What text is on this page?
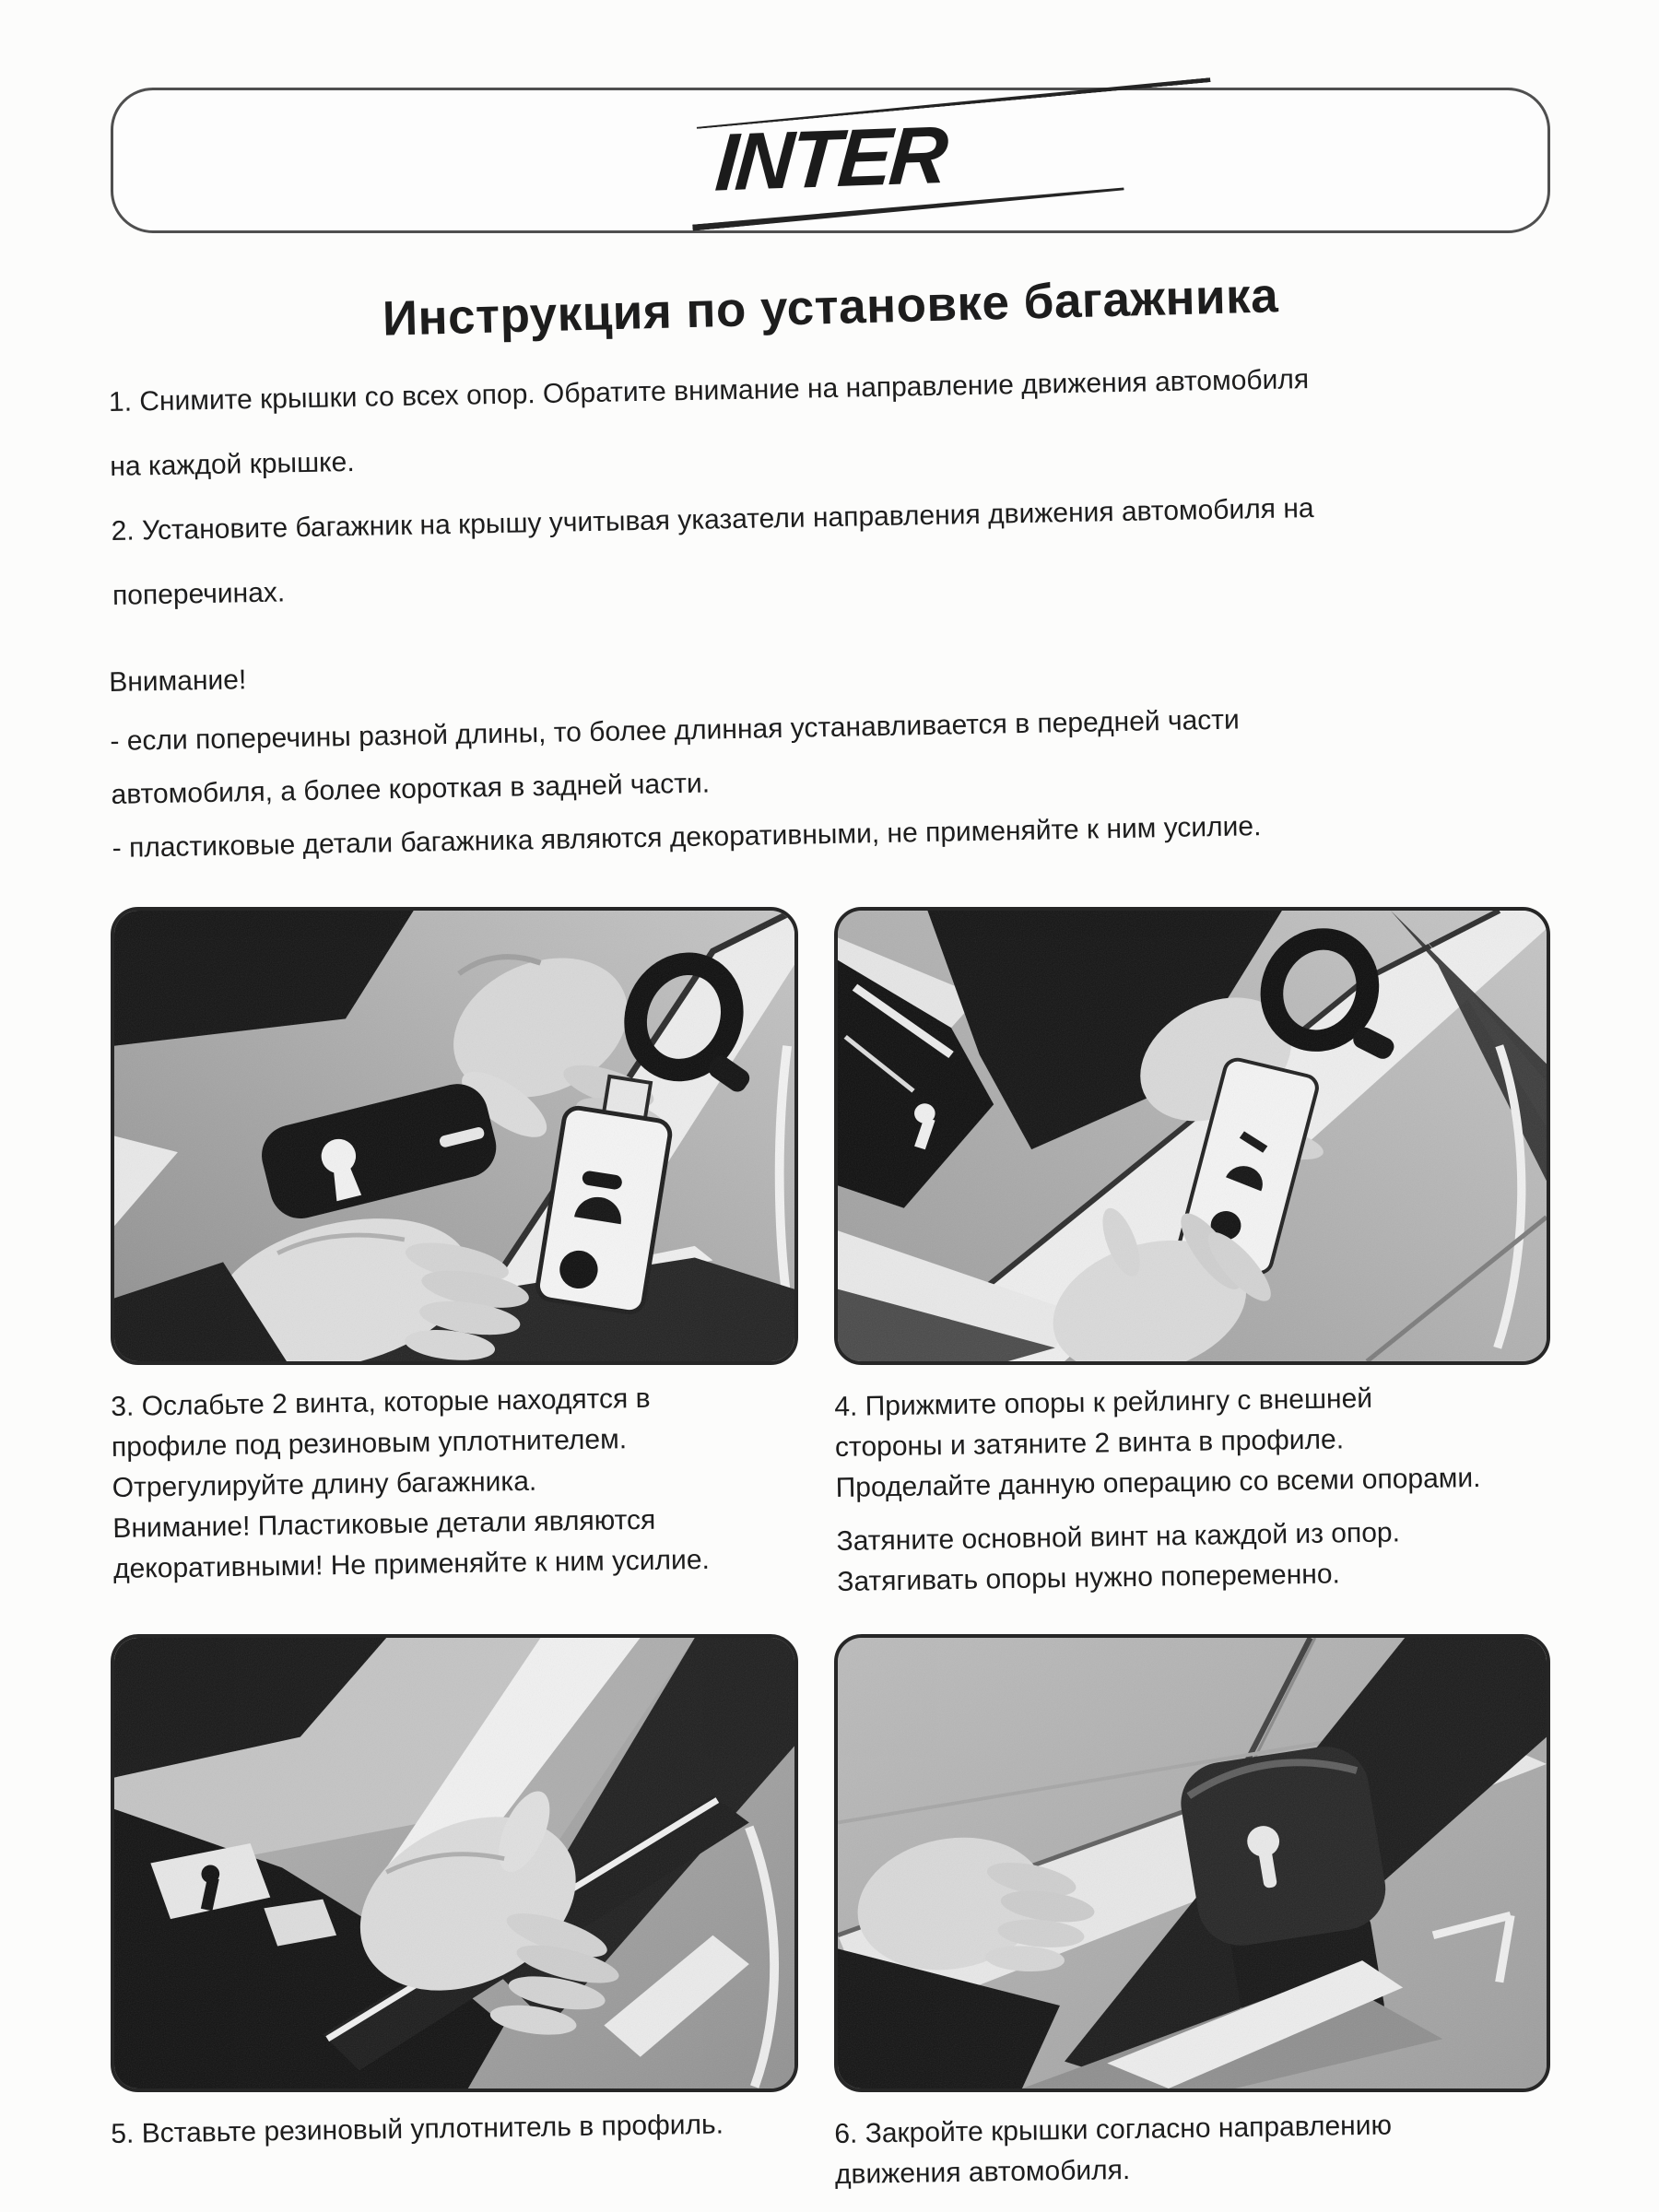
INTER
Инструкция по установке багажника

1. Снимите крышки со всех опор. Обратите внимание на направление движения автомобиля

на каждой крышке.

2. Установите багажник на крышу учитывая указатели направления движения автомобиля на

поперечинах.

Внимание!

- если поперечины разной длины, то более длинная устанавливается в передней части

автомобиля, а более короткая в задней части.

- пластиковые детали багажника являются декоративными, не применяйте к ним усилие.

3. Ослабьте 2 винта, которые находятся в

профиле под резиновым уплотнителем.

Отрегулируйте длину багажника.

Внимание! Пластиковые детали являются

декоративными! Не применяйте к ним усилие.

4. Прижмите опоры к рейлингу с внешней

стороны и затяните 2 винта в профиле.

Проделайте данную операцию со всеми опорами.

Затяните основной винт на каждой из опор.

Затягивать опоры нужно попеременно.

5. Вставьте резиновый уплотнитель в профиль.	6. Закройте крышки согласно направлению

движения автомобиля.
